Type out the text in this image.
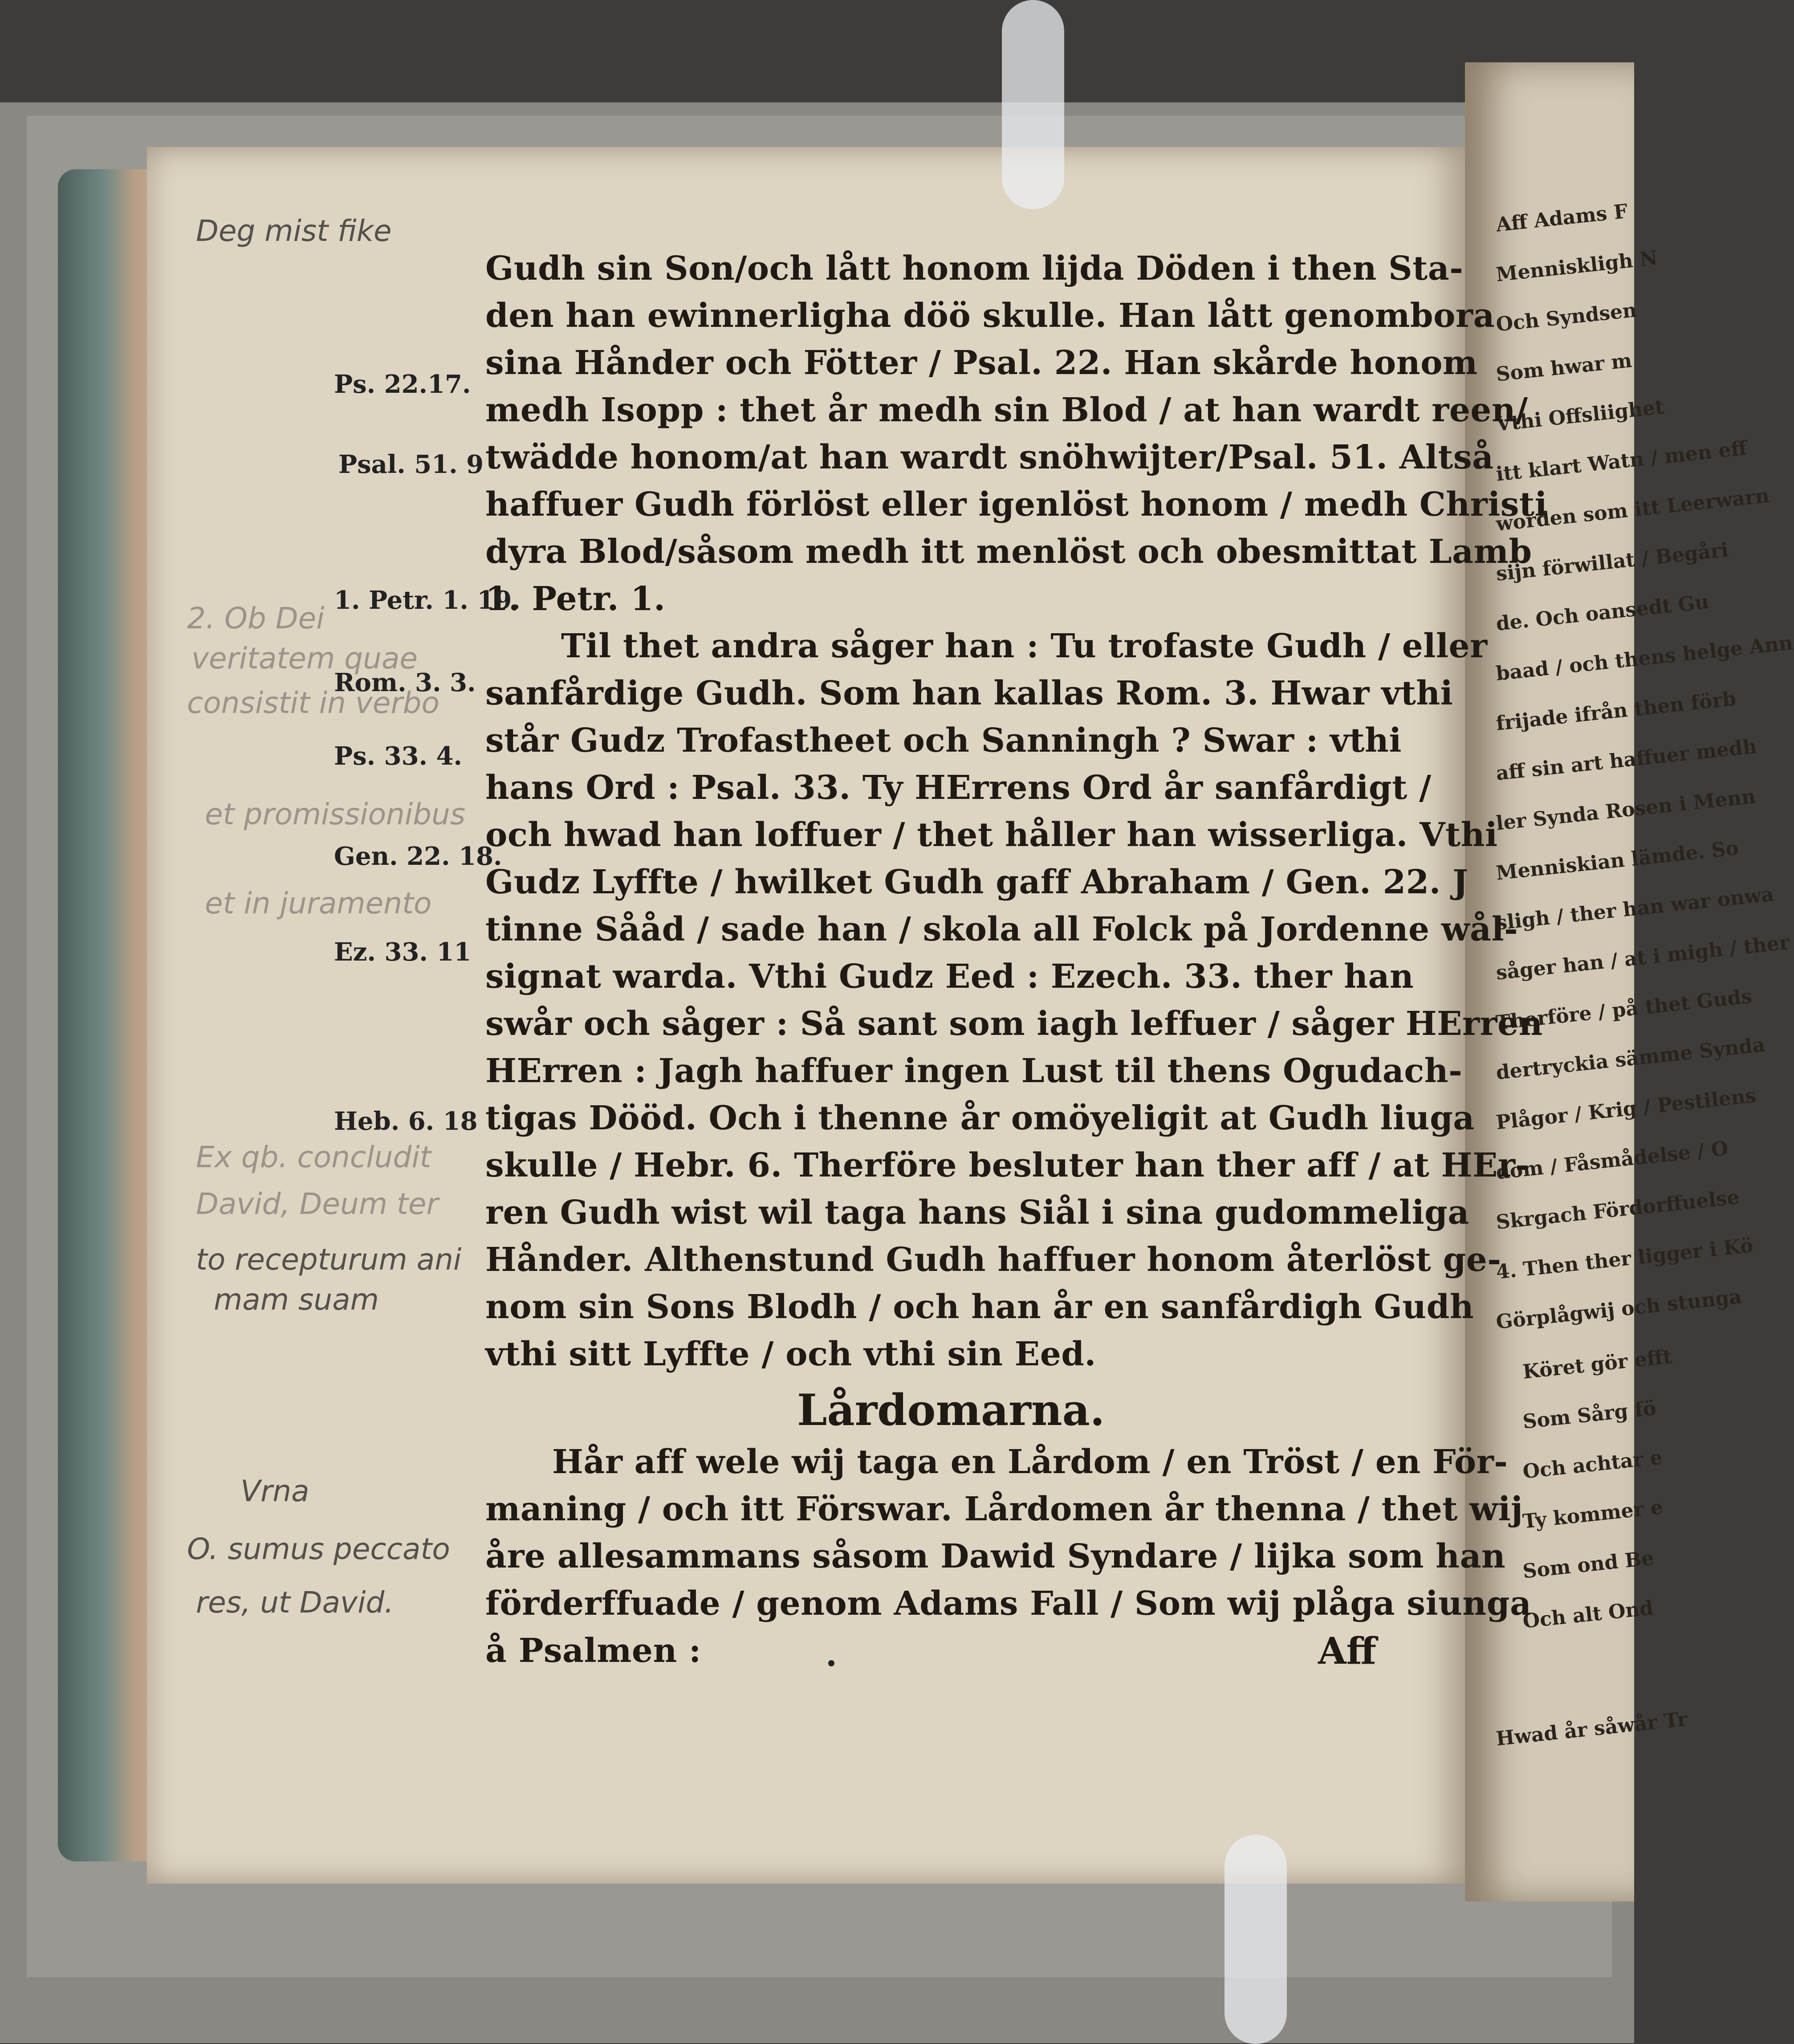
Aff Adams F
Menniskligh N
Och Syndsen
Som hwar m
Vthi Offsliighet
itt klart Watn / men eff
worden som itt Leerwarn
sijn förwillat / Begåri
de. Och oansedt Gu
baad / och thens helge Ann
frijade ifrån then förb
aff sin art haffuer medh
ler Synda Rosen i Menn
Menniskian lämde. So
sligh / ther han war onwa
såger han / at i migh / ther
Therföre / på thet Guds
dertryckia sämme Synda
Plågor / Krig / Pestilens
dom / Fåsmådelse / O
Skrgach Fördorffuelse
4. Then ther ligger i Kö
Görplågwij och stunga
Köret gör efft
Som Sårg fö
Och achtar e
Ty kommer e
Som ond Be
Och alt Ond
Hwad år såwår Tr
Gudh sin Son/och lått honom lijda Döden i then Sta-
den han ewinnerligha döö skulle. Han lått genombora
sina Hånder och Fötter / Psal. 22. Han skårde honom
medh Isopp : thet år medh sin Blod / at han wardt reen/
twädde honom/at han wardt snöhwijter/Psal. 51. Altså
haffuer Gudh förlöst eller igenlöst honom / medh Christi
dyra Blod/såsom medh itt menlöst och obesmittat Lamb
1. Petr. 1.
Til thet andra såger han : Tu trofaste Gudh / eller
sanfårdige Gudh. Som han kallas Rom. 3. Hwar vthi
står Gudz Trofastheet och Sanningh ? Swar : vthi
hans Ord : Psal. 33. Ty HErrens Ord år sanfårdigt /
och hwad han loffuer / thet håller han wisserliga. Vthi
Gudz Lyffte / hwilket Gudh gaff Abraham / Gen. 22. J
tinne Sååd / sade han / skola all Folck på Jordenne wål-
signat warda. Vthi Gudz Eed : Ezech. 33. ther han
swår och såger : Så sant som iagh leffuer / såger HErren
HErren : Jagh haffuer ingen Lust til thens Ogudach-
tigas Dööd. Och i thenne år omöyeligit at Gudh liuga
skulle / Hebr. 6. Therföre besluter han ther aff / at HEr-
ren Gudh wist wil taga hans Siål i sina gudommeliga
Hånder. Althenstund Gudh haffuer honom återlöst ge-
nom sin Sons Blodh / och han år en sanfårdigh Gudh
vthi sitt Lyffte / och vthi sin Eed.
Hår aff wele wij taga en Lårdom / en Tröst / en För-
maning / och itt Förswar. Lårdomen år thenna / thet wij
åre allesammans såsom Dawid Syndare / lijka som han
förderffuade / genom Adams Fall / Som wij plåga siunga
å Psalmen :
Lårdomarna.
Aff
Ps. 22.17.
Psal. 51. 9
1. Petr. 1. 19.
Rom. 3. 3.
Ps. 33. 4.
Gen. 22. 18.
Ez. 33. 11
Heb. 6. 18
Deg mist fike
2. Ob Dei
veritatem quae
consistit in verbo
et promissionibus
et in juramento
Ex qb. concludit
David, Deum ter
to recepturum ani
mam suam
Vrna
O. sumus peccato
res, ut David.
